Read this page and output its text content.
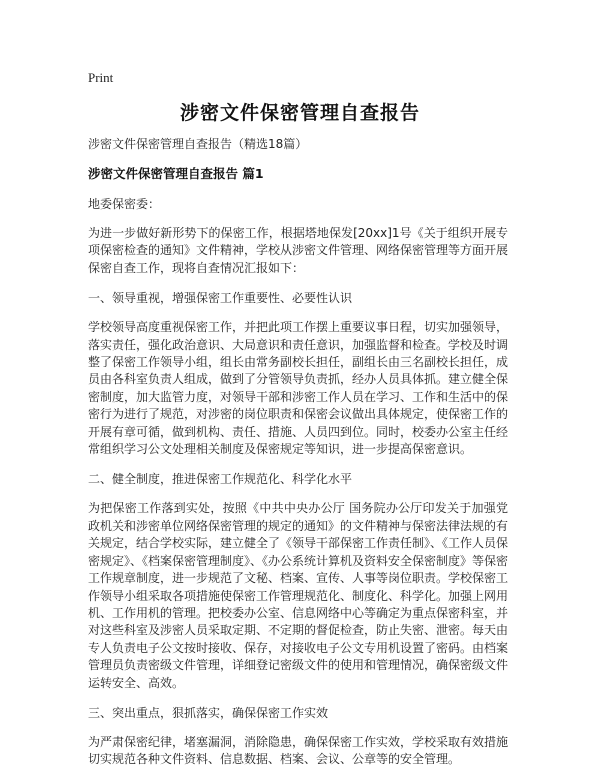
Print
涉密文件保密管理自查报告

涉密文件保密管理自查报告（精选18篇）

涉密文件保密管理自查报告 篇1

地委保密委：

为进一步做好新形势下的保密工作，根据塔地保发[20xx]1号《关于组织开展专项保密检查的通知》文件精神，学校从涉密文件管理、网络保密管理等方面开展保密自查工作，现将自查情况汇报如下：

一、领导重视，增强保密工作重要性、必要性认识

学校领导高度重视保密工作，并把此项工作摆上重要议事日程，切实加强领导，落实责任，强化政治意识、大局意识和责任意识，加强监督和检查。学校及时调整了保密工作领导小组，组长由常务副校长担任，副组长由三名副校长担任，成员由各科室负责人组成，做到了分管领导负责抓，经办人员具体抓。建立健全保密制度，加大监管力度，对领导干部和涉密工作人员在学习、工作和生活中的保密行为进行了规范，对涉密的岗位职责和保密会议做出具体规定，使保密工作的开展有章可循，做到机构、责任、措施、人员四到位。同时，校委办公室主任经常组织学习公文处理相关制度及保密规定等知识，进一步提高保密意识。

二、健全制度，推进保密工作规范化、科学化水平

为把保密工作落到实处，按照《中共中央办公厅 国务院办公厅印发关于加强党政机关和涉密单位网络保密管理的规定的通知》的文件精神与保密法律法规的有关规定，结合学校实际，建立健全了《领导干部保密工作责任制》、《工作人员保密规定》、《档案保密管理制度》、《办公系统计算机及资料安全保密制度》等保密工作规章制度，进一步规范了文秘、档案、宣传、人事等岗位职责。学校保密工作领导小组采取各项措施使保密工作管理规范化、制度化、科学化。加强上网用机、工作用机的管理。把校委办公室、信息网络中心等确定为重点保密科室，并对这些科室及涉密人员采取定期、不定期的督促检查，防止失密、泄密。每天由专人负责电子公文按时接收、保存，对接收电子公文专用机设置了密码。由档案管理员负责密级文件管理，详细登记密级文件的使用和管理情况，确保密级文件运转安全、高效。

三、突出重点，狠抓落实，确保保密工作实效

为严肃保密纪律，堵塞漏洞，消除隐患，确保保密工作实效，学校采取有效措施切实规范各种文件资料、信息数据、档案、会议、公章等的安全管理。
